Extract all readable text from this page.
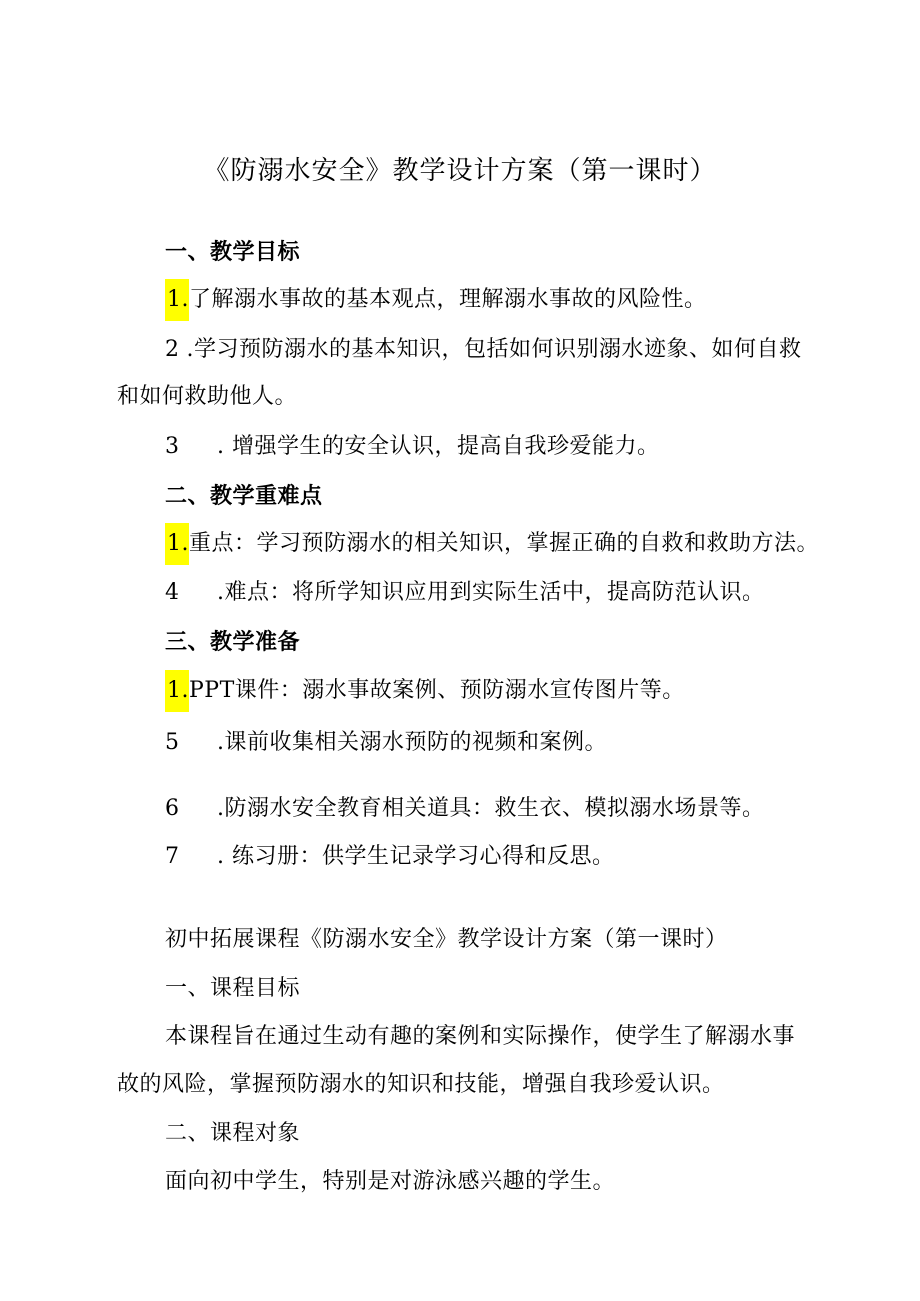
《防溺水安全》教学设计方案（第一课时）
一、教学目标
1.了解溺水事故的基本观点，理解溺水事故的风险性。
2 .学习预防溺水的基本知识，包括如何识别溺水迹象、如何自救
和如何救助他人。
3 . 增强学生的安全认识，提高自我珍爱能力。
二、教学重难点
1.重点：学习预防溺水的相关知识，掌握正确的自救和救助方法。
4 .难点：将所学知识应用到实际生活中，提高防范认识。
三、教学准备
1.PPT课件：溺水事故案例、预防溺水宣传图片等。
5 .课前收集相关溺水预防的视频和案例。
6 .防溺水安全教育相关道具：救生衣、模拟溺水场景等。
7 . 练习册：供学生记录学习心得和反思。
初中拓展课程《防溺水安全》教学设计方案（第一课时）
一、课程目标
本课程旨在通过生动有趣的案例和实际操作，使学生了解溺水事
故的风险，掌握预防溺水的知识和技能，增强自我珍爱认识。
二、课程对象
面向初中学生，特别是对游泳感兴趣的学生。
